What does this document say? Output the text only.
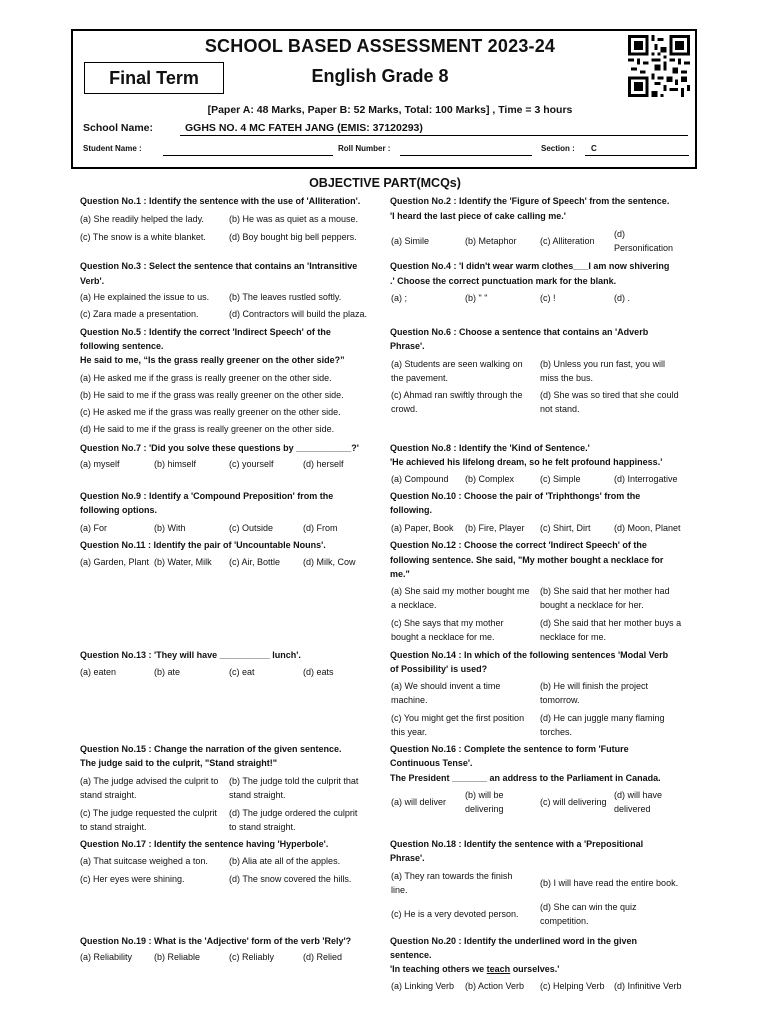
SCHOOL BASED ASSESSMENT 2023-24
Final Term	English Grade 8
[Paper A: 48 Marks, Paper B: 52 Marks, Total: 100 Marks] , Time = 3 hours
School Name:	GGHS NO. 4 MC FATEH JANG (EMIS: 37120293)
Student Name :	Roll Number :	Section : C
OBJECTIVE PART(MCQs)
Question No.1 : Identify the sentence with the use of 'Alliteration'.
(a) She readily helped the lady.	(b) He was as quiet as a mouse.
(c) The snow is a white blanket.	(d) Boy bought big bell peppers.
Question No.2 : Identify the 'Figure of Speech' from the sentence.
'I heard the last piece of cake calling me.'
(a) Simile	(b) Metaphor	(c) Alliteration
(d)
Personification
Question No.3 : Select the sentence that contains an 'Intransitive
Verb'.
(a) He explained the issue to us. (b) The leaves rustled softly.
(c) Zara made a presentation.	(d) Contractors will build the plaza.
Question No.4 : 'I didn't wear warm clothes___I am now shivering
.' Choose the correct punctuation mark for the blank.
(a) ;	(b) " "	(c) !	(d) .
Question No.5 : Identify the correct 'Indirect Speech' of the
following sentence.
He said to me, “Is the grass really greener on the other side?”
(a) He asked me if the grass is really greener on the other side.
(b) He said to me if the grass was really greener on the other side.
(c) He asked me if the grass was really greener on the other side.
(d) He said to me if the grass is really greener on the other side.
Question No.6 : Choose a sentence that contains an 'Adverb
Phrase'.
(a) Students are seen walking on
the pavement.
(b) Unless you run fast, you will
miss the bus.
(c) Ahmad ran swiftly through the
crowd.
(d) She was so tired that she could
not stand.
Question No.7 : 'Did you solve these questions by ___________?'
(a) myself	(b) himself	(c) yourself	(d) herself
Question No.8 : Identify the 'Kind of Sentence.'
'He achieved his lifelong dream, so he felt profound happiness.'
(a) Compound (b) Complex	(c) Simple	(d) Interrogative
Question No.9 : Identify a 'Compound Preposition' from the
following options.
(a) For	(b) With	(c) Outside	(d) From
Question No.10 : Choose the pair of 'Triphthongs' from the
following.
(a) Paper, Book (b) Fire, Player (c) Shirt, Dirt	(d) Moon, Planet
Question No.11 : Identify the pair of 'Uncountable Nouns'.
(a) Garden, Plant (b) Water, Milk (c) Air, Bottle	(d) Milk, Cow
Question No.12 : Choose the correct 'Indirect Speech' of the
following sentence. She said, "My mother bought a necklace for
me."
(a) She said my mother bought me
a necklace.
(b) She said that her mother had
bought a necklace for her.
(c) She says that my mother
bought a necklace for me.
(d) She said that her mother buys a
necklace for me.
Question No.13 : 'They will have __________ lunch'.
(a) eaten	(b) ate	(c) eat	(d) eats
Question No.14 : In which of the following sentences 'Modal Verb
of Possibility' is used?
(a) We should invent a time
machine.
(b) He will finish the project
tomorrow.
(c) You might get the first position
this year.
(d) He can juggle many flaming
torches.
Question No.15 : Change the narration of the given sentence.
The judge said to the culprit, "Stand straight!"
(a) The judge advised the culprit to
stand straight.
(b) The judge told the culprit that
stand straight.
(c) The judge requested the culprit
to stand straight.
(d) The judge ordered the culprit
to stand straight.
Question No.16 : Complete the sentence to form 'Future
Continuous Tense'.
The President _______ an address to the Parliament in Canada.
(a) will deliver
(b) will be
delivering
(c) will delivering
(d) will have
delivered
Question No.17 : Identify the sentence having 'Hyperbole'.
(a) That suitcase weighed a ton. (b) Alia ate all of the apples.
(c) Her eyes were shining.	(d) The snow covered the hills.
Question No.18 : Identify the sentence with a 'Prepositional
Phrase'.
(a) They ran towards the finish
line.
(b) I will have read the entire book.
(c) He is a very devoted person.
(d) She can win the quiz
competition.
Question No.19 : What is the 'Adjective' form of the verb 'Rely'?
(a) Reliability (b) Reliable	(c) Reliably	(d) Relied
Question No.20 : Identify the underlined word in the given
sentence.
'In teaching others we teach ourselves.'
(a) Linking Verb (b) Action Verb (c) Helping Verb (d) Infinitive Verb
